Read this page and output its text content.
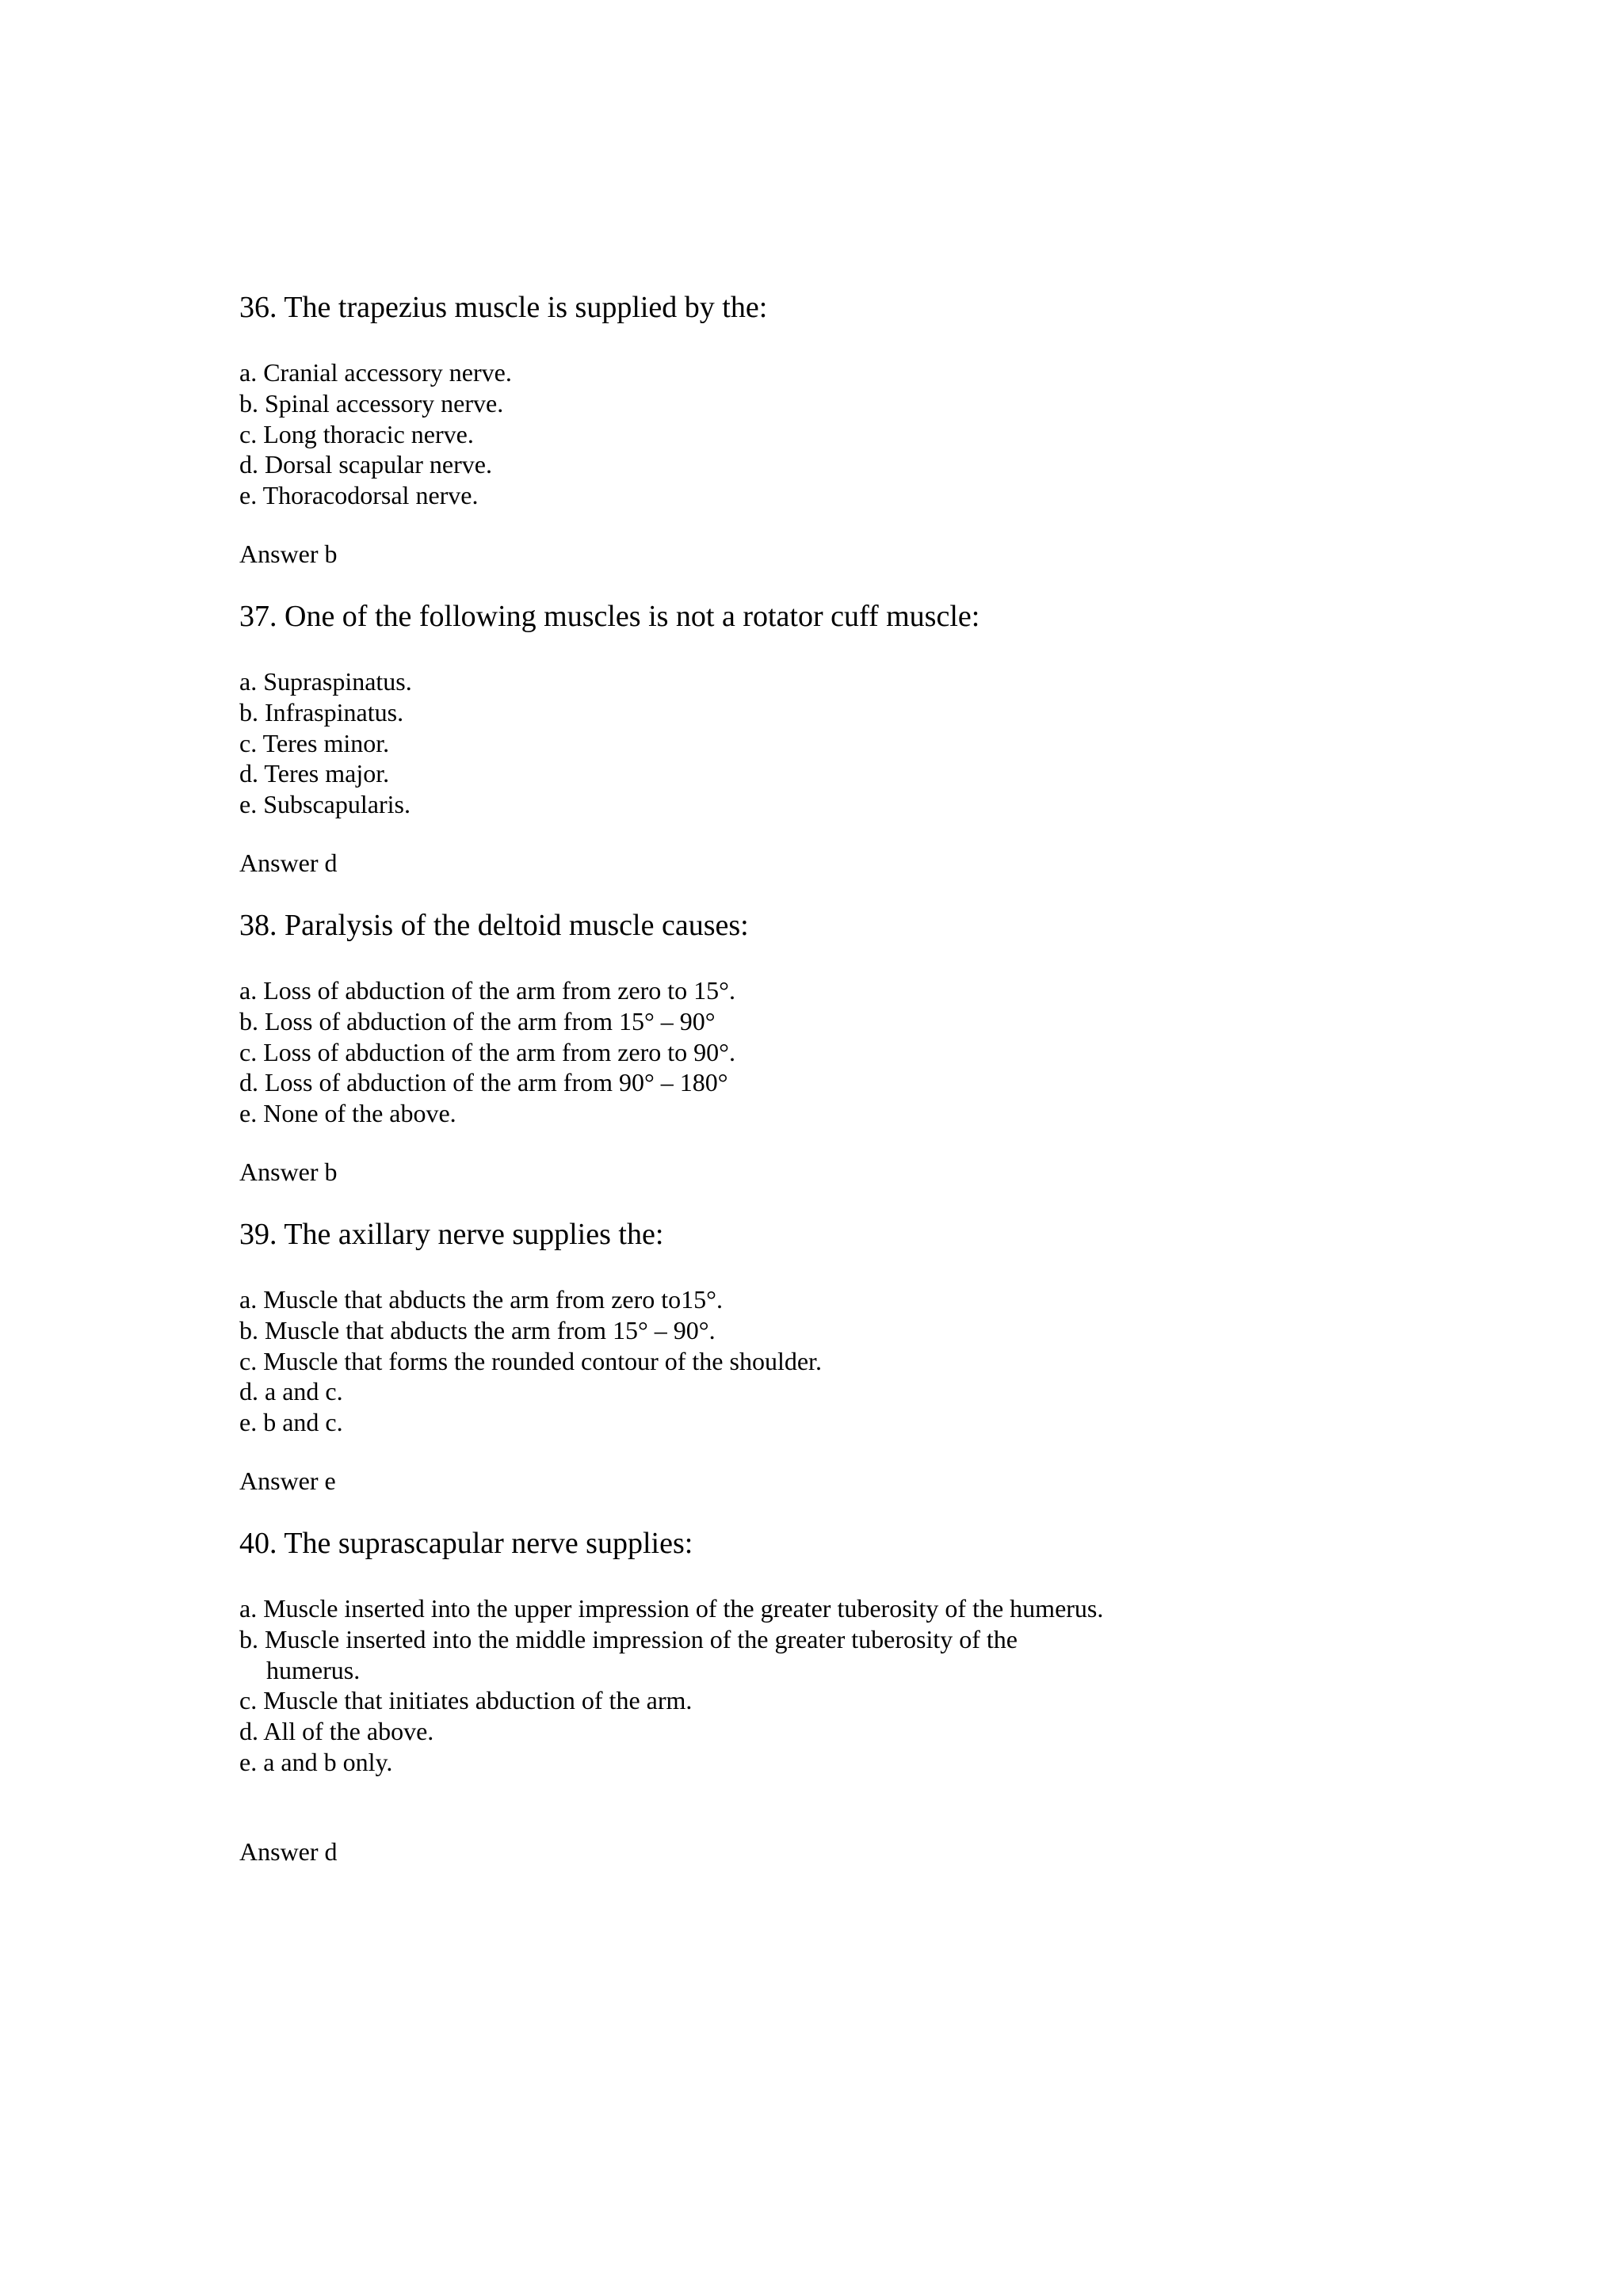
36. The trapezius muscle is supplied by the:

a. Cranial accessory nerve.
b. Spinal accessory nerve.
c. Long thoracic nerve.
d. Dorsal scapular nerve.
e. Thoracodorsal nerve.

Answer b

37. One of the following muscles is not a rotator cuff muscle:

a. Supraspinatus.
b. Infraspinatus.
c. Teres minor.
d. Teres major.
e. Subscapularis.

Answer d

38. Paralysis of the deltoid muscle causes:

a. Loss of abduction of the arm from zero to 15°.
b. Loss of abduction of the arm from 15° – 90°
c. Loss of abduction of the arm from zero to 90°.
d. Loss of abduction of the arm from 90° – 180°
e. None of the above.

Answer b

39. The axillary nerve supplies the:

a. Muscle that abducts the arm from zero to15°.
b. Muscle that abducts the arm from 15° – 90°.
c. Muscle that forms the rounded contour of the shoulder.
d. a and c.
e. b and c.

Answer e

40. The suprascapular nerve supplies:

a. Muscle inserted into the upper impression of the greater tuberosity of the humerus.
b. Muscle inserted into the middle impression of the greater tuberosity of the humerus.
c. Muscle that initiates abduction of the arm.
d. All of the above.
e. a and b only.

Answer d
